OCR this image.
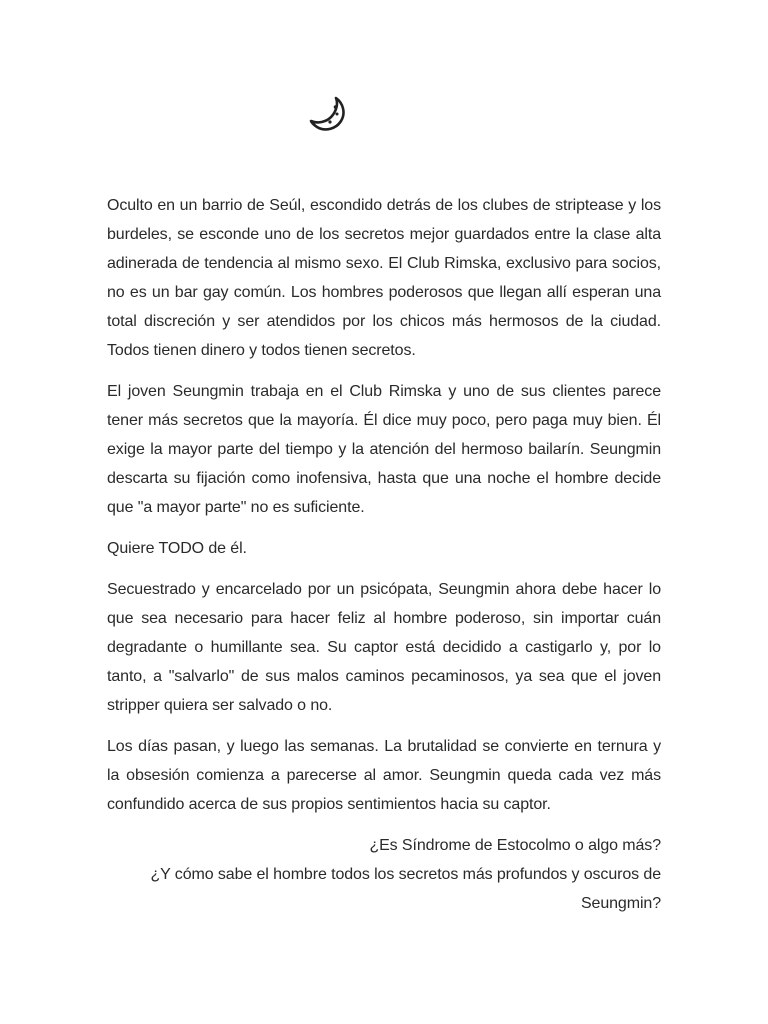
Oculto en un barrio de Seúl, escondido detrás de los clubes de striptease y los burdeles, se esconde uno de los secretos mejor guardados entre la clase alta adinerada de tendencia al mismo sexo. El Club Rimska, exclusivo para socios, no es un bar gay común. Los hombres poderosos que llegan allí esperan una total discreción y ser atendidos por los chicos más hermosos de la ciudad. Todos tienen dinero y todos tienen secretos.

El joven Seungmin trabaja en el Club Rimska y uno de sus clientes parece tener más secretos que la mayoría. Él dice muy poco, pero paga muy bien. Él exige la mayor parte del tiempo y la atención del hermoso bailarín. Seungmin descarta su fijación como inofensiva, hasta que una noche el hombre decide que "a mayor parte" no es suficiente.

Quiere TODO de él.

Secuestrado y encarcelado por un psicópata, Seungmin ahora debe hacer lo que sea necesario para hacer feliz al hombre poderoso, sin importar cuán degradante o humillante sea. Su captor está decidido a castigarlo y, por lo tanto, a "salvarlo" de sus malos caminos pecaminosos, ya sea que el joven stripper quiera ser salvado o no.

Los días pasan, y luego las semanas. La brutalidad se convierte en ternura y la obsesión comienza a parecerse al amor. Seungmin queda cada vez más confundido acerca de sus propios sentimientos hacia su captor.

¿Es Síndrome de Estocolmo o algo más?
¿Y cómo sabe el hombre todos los secretos más profundos y oscuros de Seungmin?
